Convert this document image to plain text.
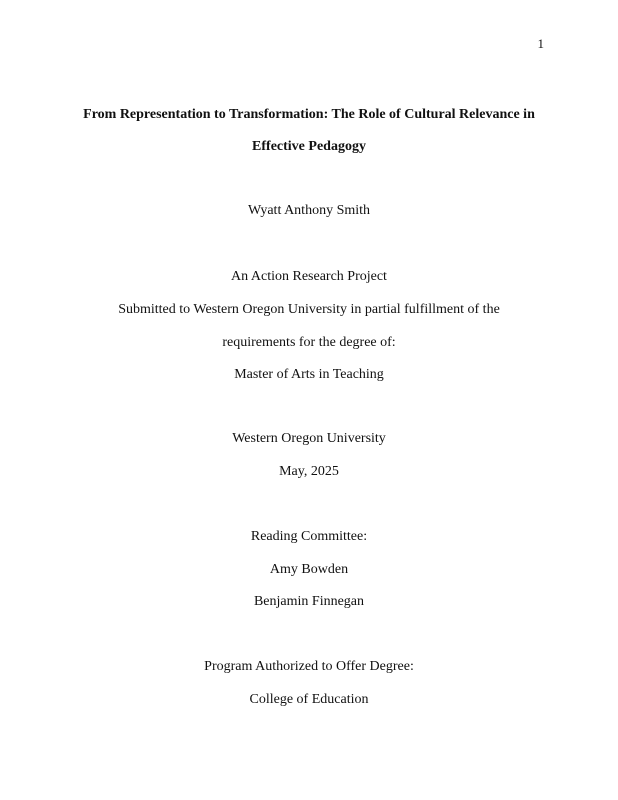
1
From Representation to Transformation: The Role of Cultural Relevance in
Effective Pedagogy
Wyatt Anthony Smith
An Action Research Project
Submitted to Western Oregon University in partial fulfillment of the
requirements for the degree of:
Master of Arts in Teaching
Western Oregon University
May, 2025
Reading Committee:
Amy Bowden
Benjamin Finnegan
Program Authorized to Offer Degree:
College of Education
